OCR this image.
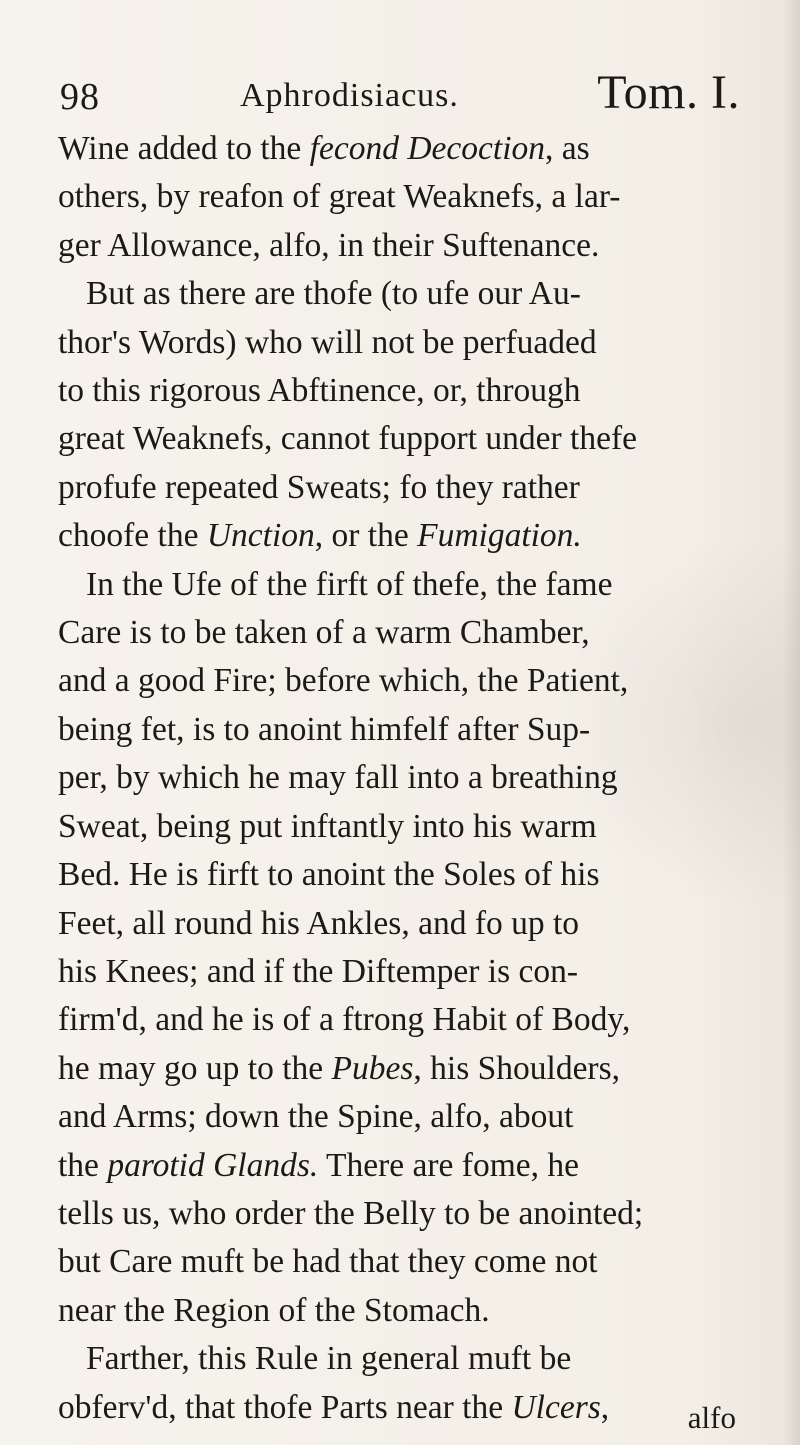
98	Aphrodisiacus.	Tom. I.
Wine added to the fecond Decoction, as
others, by reafon of great Weaknefs, a lar-
ger Allowance, alfo, in their Suftenance.
But as there are thofe (to ufe our Au-
thor's Words) who will not be perfuaded
to this rigorous Abftinence, or, through
great Weaknefs, cannot fupport under thefe
profufe repeated Sweats; fo they rather
choofe the Unction, or the Fumigation.
In the Ufe of the firft of thefe, the fame
Care is to be taken of a warm Chamber,
and a good Fire; before which, the Patient,
being fet, is to anoint himfelf after Sup-
per, by which he may fall into a breathing
Sweat, being put inftantly into his warm
Bed. He is firft to anoint the Soles of his
Feet, all round his Ankles, and fo up to
his Knees; and if the Diftemper is con-
firm'd, and he is of a ftrong Habit of Body,
he may go up to the Pubes, his Shoulders,
and Arms; down the Spine, alfo, about
the parotid Glands. There are fome, he
tells us, who order the Belly to be anointed;
but Care muft be had that they come not
near the Region of the Stomach.
Farther, this Rule in general muft be
obferv'd, that thofe Parts near the Ulcers,	alfo
